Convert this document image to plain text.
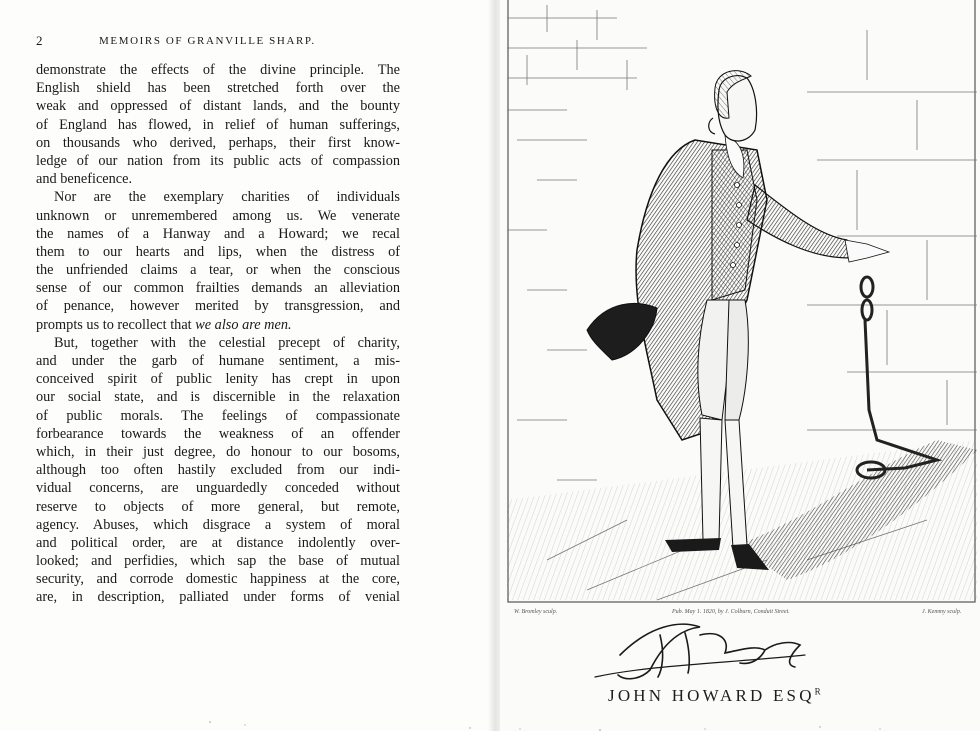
2	MEMOIRS OF GRANVILLE SHARP.
demonstrate the effects of the divine principle. The
English shield has been stretched forth over the
weak and oppressed of distant lands, and the bounty
of England has flowed, in relief of human sufferings,
on thousands who derived, perhaps, their first know-
ledge of our nation from its public acts of compassion
and beneficence.
Nor are the exemplary charities of individuals
unknown or unremembered among us. We venerate
the names of a Hanway and a Howard; we recal
them to our hearts and lips, when the distress of
the unfriended claims a tear, or when the conscious
sense of our common frailties demands an alleviation
of penance, however merited by transgression, and
prompts us to recollect that we also are men.
But, together with the celestial precept of charity,
and under the garb of humane sentiment, a mis-
conceived spirit of public lenity has crept in upon
our social state, and is discernible in the relaxation
of public morals. The feelings of compassionate
forbearance towards the weakness of an offender
which, in their just degree, do honour to our bosoms,
although too often hastily excluded from our indi-
vidual concerns, are unguardedly conceded without
reserve to objects of more general, but remote,
agency. Abuses, which disgrace a system of moral
and political order, are at distance indolently over-
looked; and perfidies, which sap the base of mutual
security, and corrode domestic happiness at the core,
are, in description, palliated under forms of venial
W. Bromley sculp.	Pub. May 1. 1820, by J. Colburn, Conduit Street.	J. Kemmy sculp.
JOHN HOWARD $ESQ^R$
